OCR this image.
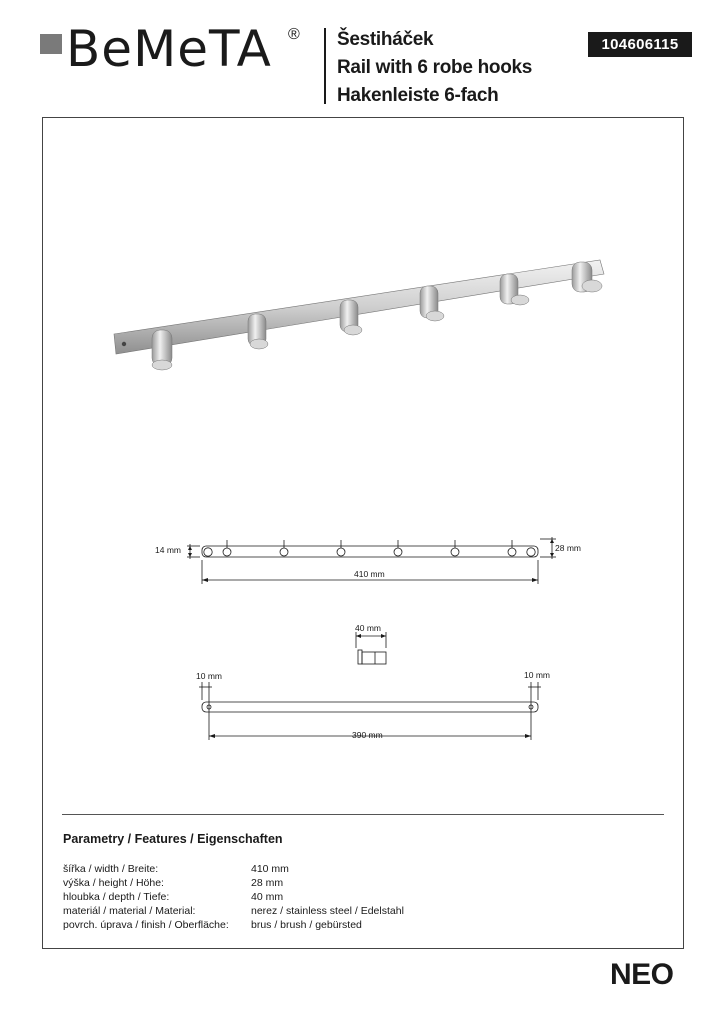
BeMeTA ® Šestiháček
Rail with 6 robe hooks
Hakenleiste 6-fach
104606115
14 mm	28 mm
410 mm
40 mm
10 mm	10 mm
390 mm
Parametry / Features / Eigenschaften
šířka / width / Breite:	410 mm
výška / height / Höhe:	28 mm
hloubka / depth / Tiefe:	40 mm
materiál / material / Material:	nerez / stainless steel / Edelstahl
povrch. úprava / finish / Oberfläche:	brus / brush / gebürsted
NEO
